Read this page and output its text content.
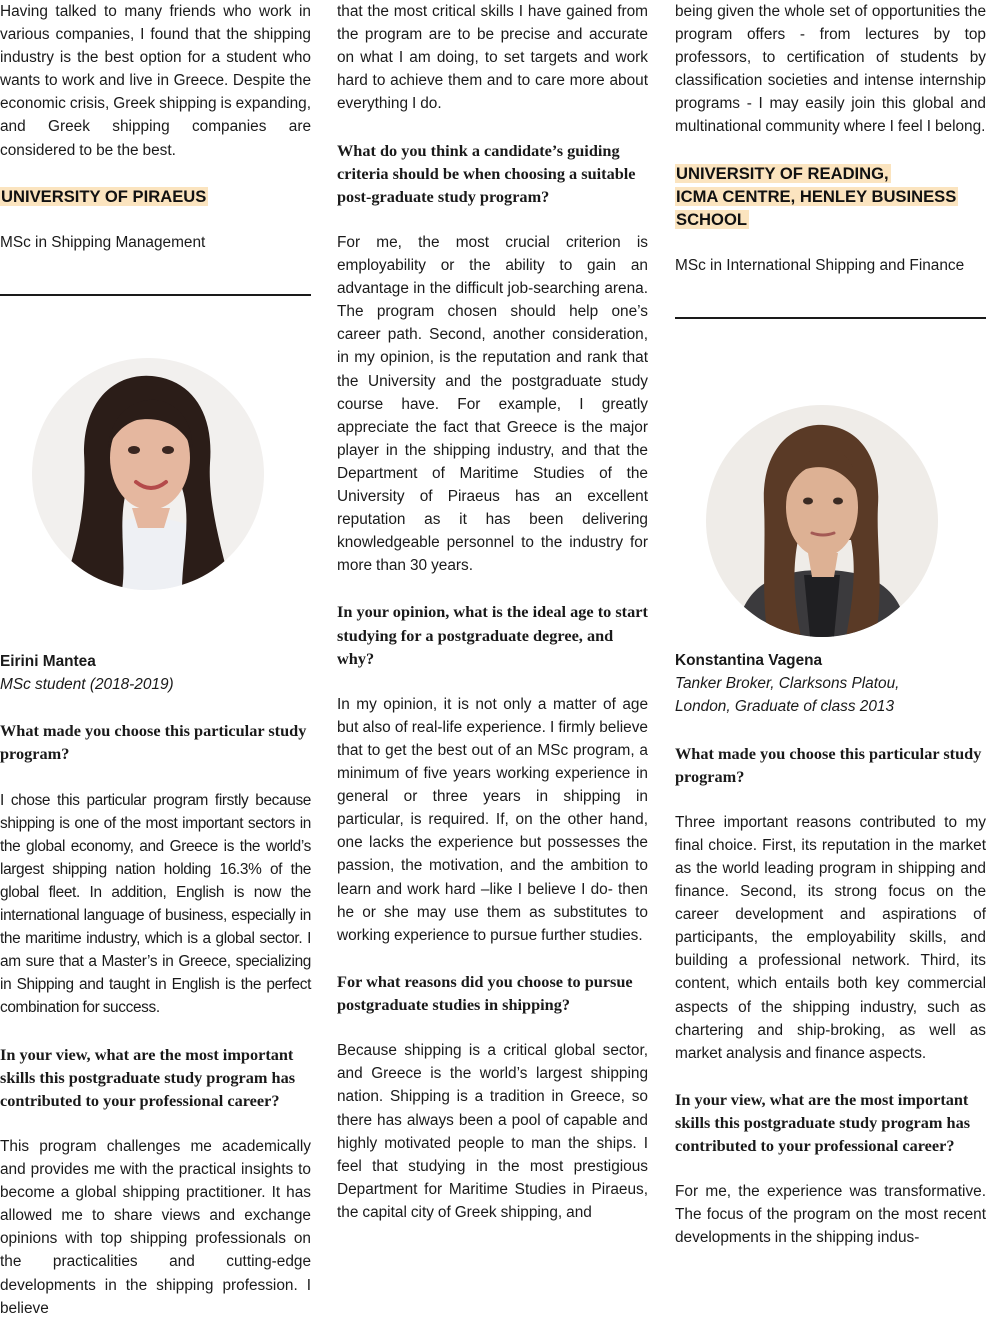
Having talked to many friends who work in various companies, I found that the shipping industry is the best option for a student who wants to work and live in Greece. Despite the economic crisis, Greek shipping is expanding, and Greek shipping companies are considered to be the best.

UNIVERSITY OF PIRAEUS
MSc in Shipping Management
Eirini Mantea
MSc student (2018-2019)
What made you choose this particular study program?

I chose this particular program firstly because shipping is one of the most important sectors in the global economy, and Greece is the world’s largest shipping nation holding 16.3% of the global fleet. In addition, English is now the international language of business, especially in the maritime industry, which is a global sector. I am sure that a Master’s in Greece, specializing in Shipping and taught in English is the perfect combination for success.

In your view, what are the most important skills this postgraduate study program has contributed to your professional career?

This program challenges me academically and provides me with the practical insights to become a global shipping practitioner. It has allowed me to share views and exchange opinions with top shipping professionals on the practicalities and cutting-edge developments in the shipping profession. I believe

that the most critical skills I have gained from the program are to be precise and accurate on what I am doing, to set targets and work hard to achieve them and to care more about everything I do.

What do you think a candidate’s guiding criteria should be when choosing a suitable post-graduate study program?

For me, the most crucial criterion is employability or the ability to gain an advantage in the difficult job-searching arena. The program chosen should help one’s career path. Second, another consideration, in my opinion, is the reputation and rank that the University and the postgraduate study course have. For example, I greatly appreciate the fact that Greece is the major player in the shipping industry, and that the Department of Maritime Studies of the University of Piraeus has an excellent reputation as it has been delivering knowledgeable personnel to the industry for more than 30 years.

In your opinion, what is the ideal age to start studying for a postgraduate degree, and why?

In my opinion, it is not only a matter of age but also of real-life experience. I firmly believe that to get the best out of an MSc program, a minimum of five years working experience in general or three years in shipping in particular, is required. If, on the other hand, one lacks the experience but possesses the passion, the motivation, and the ambition to learn and work hard –like I believe I do- then he or she may use them as substitutes to working experience to pursue further studies.

For what reasons did you choose to pursue postgraduate studies in shipping?

Because shipping is a critical global sector, and Greece is the world’s largest shipping nation. Shipping is a tradition in Greece, so there has always been a pool of capable and highly motivated people to man the ships. I feel that studying in the most prestigious Department for Maritime Studies in Piraeus, the capital city of Greek shipping, and

being given the whole set of opportunities the program offers - from lectures by top professors, to certification of students by classification societies and intense internship programs - I may easily join this global and multinational community where I feel I belong.

UNIVERSITY OF READING,
ICMA CENTRE, HENLEY BUSINESS
SCHOOL
MSc in International Shipping and Finance
Konstantina Vagena
Tanker Broker, Clarksons Platou,
London, Graduate of class 2013
What made you choose this particular study program?

Three important reasons contributed to my final choice. First, its reputation in the market as the world leading program in shipping and finance. Second, its strong focus on the career development and aspirations of participants, the employability skills, and building a professional network. Third, its content, which entails both key commercial aspects of the shipping industry, such as chartering and ship-broking, as well as market analysis and finance aspects.

In your view, what are the most important skills this postgraduate study program has contributed to your professional career?

For me, the experience was transformative. The focus of the program on the most recent developments in the shipping indus-
